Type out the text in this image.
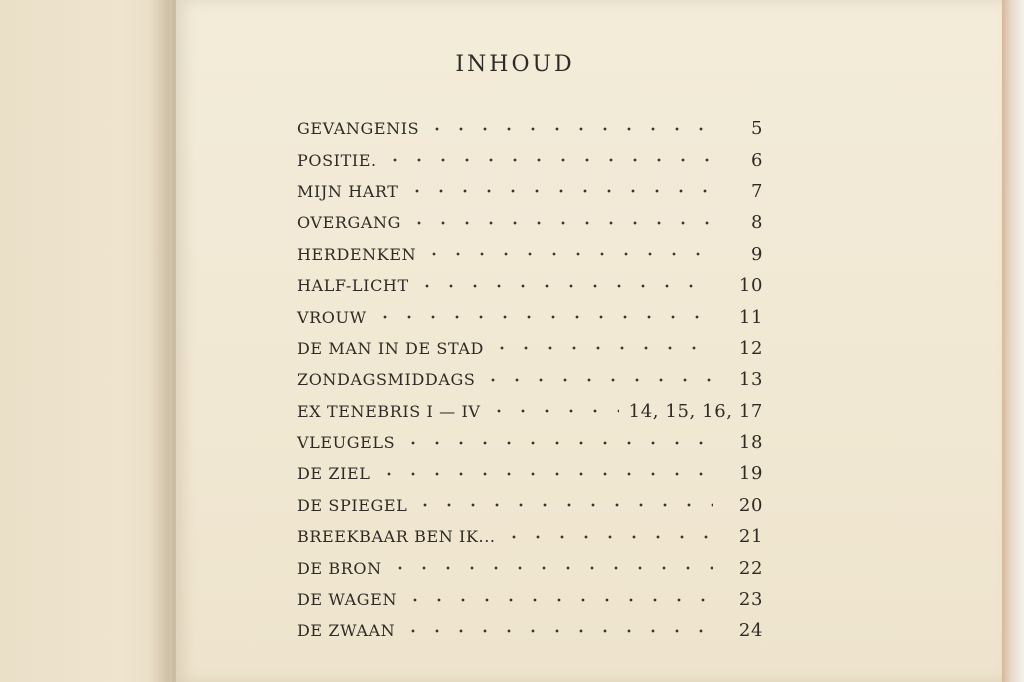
INHOUD
GEVANGENIS	5
POSITIE.	6
MIJN HART	7
OVERGANG	8
HERDENKEN	9
HALF-LICHT	10
VROUW	11
DE MAN IN DE STAD	12
ZONDAGSMIDDAGS	13
EX TENEBRIS I — IV	14, 15, 16, 17
VLEUGELS	18
DE ZIEL	19
DE SPIEGEL	20
BREEKBAAR BEN IK...	21
DE BRON	22
DE WAGEN	23
DE ZWAAN	24
